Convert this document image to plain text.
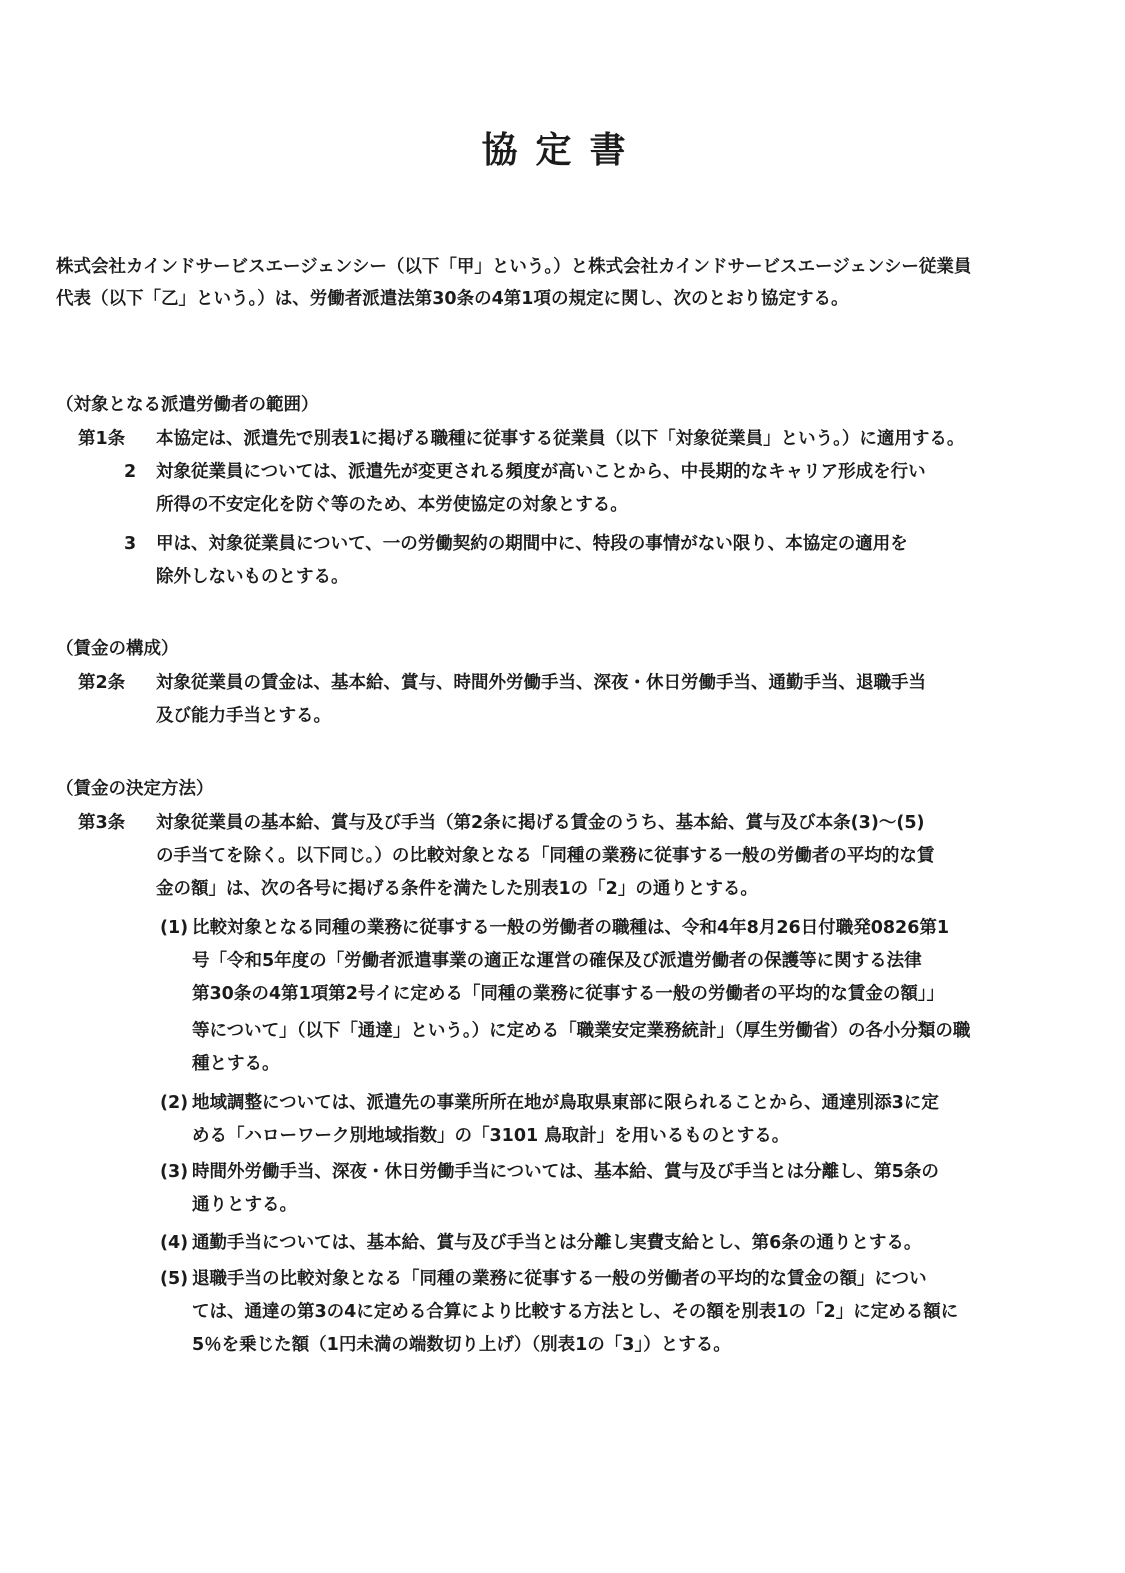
協定書
株式会社カインドサービスエージェンシー（以下「甲」という。）と株式会社カインドサービスエージェンシー従業員
代表（以下「乙」という。）は、労働者派遣法第30条の4第1項の規定に関し、次のとおり協定する。
（対象となる派遣労働者の範囲）
第1条 本協定は、派遣先で別表1に掲げる職種に従事する従業員（以下「対象従業員」という。）に適用する。
2 対象従業員については、派遣先が変更される頻度が高いことから、中長期的なキャリア形成を行い
所得の不安定化を防ぐ等のため、本労使協定の対象とする。
3 甲は、対象従業員について、一の労働契約の期間中に、特段の事情がない限り、本協定の適用を
除外しないものとする。
（賃金の構成）
第2条 対象従業員の賃金は、基本給、賞与、時間外労働手当、深夜・休日労働手当、通勤手当、退職手当
及び能力手当とする。
（賃金の決定方法）
第3条 対象従業員の基本給、賞与及び手当（第2条に掲げる賃金のうち、基本給、賞与及び本条(3)～(5)
の手当てを除く。以下同じ。）の比較対象となる「同種の業務に従事する一般の労働者の平均的な賃
金の額」は、次の各号に掲げる条件を満たした別表1の「2」の通りとする。
(1) 比較対象となる同種の業務に従事する一般の労働者の職種は、令和4年8月26日付職発0826第1
号「令和5年度の「労働者派遣事業の適正な運営の確保及び派遣労働者の保護等に関する法律
第30条の4第1項第2号イに定める「同種の業務に従事する一般の労働者の平均的な賃金の額」」
等について」（以下「通達」という。）に定める「職業安定業務統計」（厚生労働省）の各小分類の職
種とする。
(2) 地域調整については、派遣先の事業所所在地が鳥取県東部に限られることから、通達別添3に定
める「ハローワーク別地域指数」の「3101 鳥取計」を用いるものとする。
(3) 時間外労働手当、深夜・休日労働手当については、基本給、賞与及び手当とは分離し、第5条の
通りとする。
(4) 通勤手当については、基本給、賞与及び手当とは分離し実費支給とし、第6条の通りとする。
(5) 退職手当の比較対象となる「同種の業務に従事する一般の労働者の平均的な賃金の額」につい
ては、通達の第3の4に定める合算により比較する方法とし、その額を別表1の「2」に定める額に
5％を乗じた額（1円未満の端数切り上げ）（別表1の「3」）とする。
